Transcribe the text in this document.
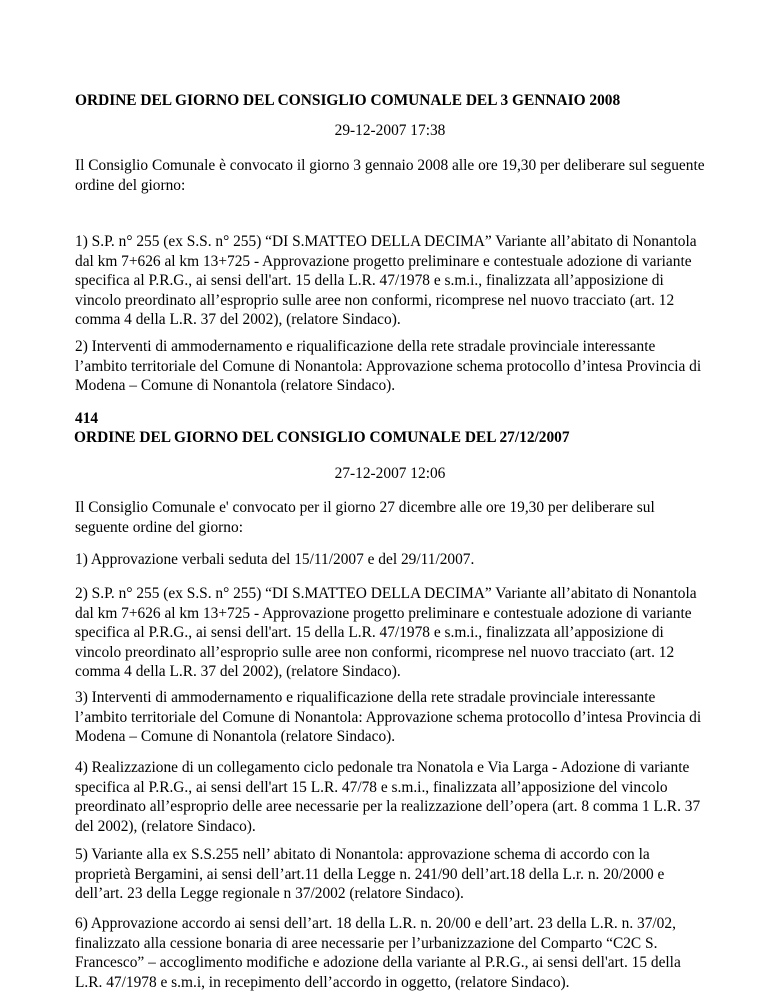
ORDINE DEL GIORNO DEL CONSIGLIO COMUNALE DEL 3 GENNAIO 2008

29-12-2007 17:38

Il Consiglio Comunale è convocato il giorno 3 gennaio 2008 alle ore 19,30 per deliberare sul seguente ordine del giorno:

1) S.P. n° 255 (ex S.S. n° 255) “DI S.MATTEO DELLA DECIMA” Variante all’abitato di Nonantola dal km 7+626 al km 13+725 - Approvazione progetto preliminare e contestuale adozione di variante specifica al P.R.G., ai sensi dell'art. 15 della L.R. 47/1978 e s.m.i., finalizzata all’apposizione di vincolo preordinato all’esproprio sulle aree non conformi, ricomprese nel nuovo tracciato (art. 12 comma 4 della L.R. 37 del 2002), (relatore Sindaco).

2) Interventi di ammodernamento e riqualificazione della rete stradale provinciale interessante l’ambito territoriale del Comune di Nonantola: Approvazione schema protocollo d’intesa Provincia di Modena – Comune di Nonantola (relatore Sindaco).

414

ORDINE DEL GIORNO DEL CONSIGLIO COMUNALE DEL 27/12/2007

27-12-2007 12:06

Il Consiglio Comunale e' convocato per il giorno 27 dicembre alle ore 19,30 per deliberare sul seguente ordine del giorno:

1) Approvazione verbali seduta del 15/11/2007 e del 29/11/2007.

2) S.P. n° 255 (ex S.S. n° 255) “DI S.MATTEO DELLA DECIMA” Variante all’abitato di Nonantola dal km 7+626 al km 13+725 - Approvazione progetto preliminare e contestuale adozione di variante specifica al P.R.G., ai sensi dell'art. 15 della L.R. 47/1978 e s.m.i., finalizzata all’apposizione di vincolo preordinato all’esproprio sulle aree non conformi, ricomprese nel nuovo tracciato (art. 12 comma 4 della L.R. 37 del 2002), (relatore Sindaco).

3) Interventi di ammodernamento e riqualificazione della rete stradale provinciale interessante l’ambito territoriale del Comune di Nonantola: Approvazione schema protocollo d’intesa Provincia di Modena – Comune di Nonantola (relatore Sindaco).

4) Realizzazione di un collegamento ciclo pedonale tra Nonatola e Via Larga - Adozione di variante specifica al P.R.G., ai sensi dell'art 15 L.R. 47/78 e s.m.i., finalizzata all’apposizione del vincolo preordinato all’esproprio delle aree necessarie per la realizzazione dell’opera (art. 8 comma 1 L.R. 37 del 2002), (relatore Sindaco).

5) Variante alla ex S.S.255 nell’ abitato di Nonantola: approvazione schema di accordo con la proprietà Bergamini, ai sensi dell’art.11 della Legge n. 241/90 dell’art.18 della L.r. n. 20/2000 e dell’art. 23 della Legge regionale n 37/2002 (relatore Sindaco).

6) Approvazione accordo ai sensi dell’art. 18 della L.R. n. 20/00 e dell’art. 23 della L.R. n. 37/02, finalizzato alla cessione bonaria di aree necessarie per l’urbanizzazione del Comparto “C2C S. Francesco” – accoglimento modifiche e adozione della variante al P.R.G., ai sensi dell'art. 15 della L.R. 47/1978 e s.m.i, in recepimento dell’accordo in oggetto, (relatore Sindaco).
